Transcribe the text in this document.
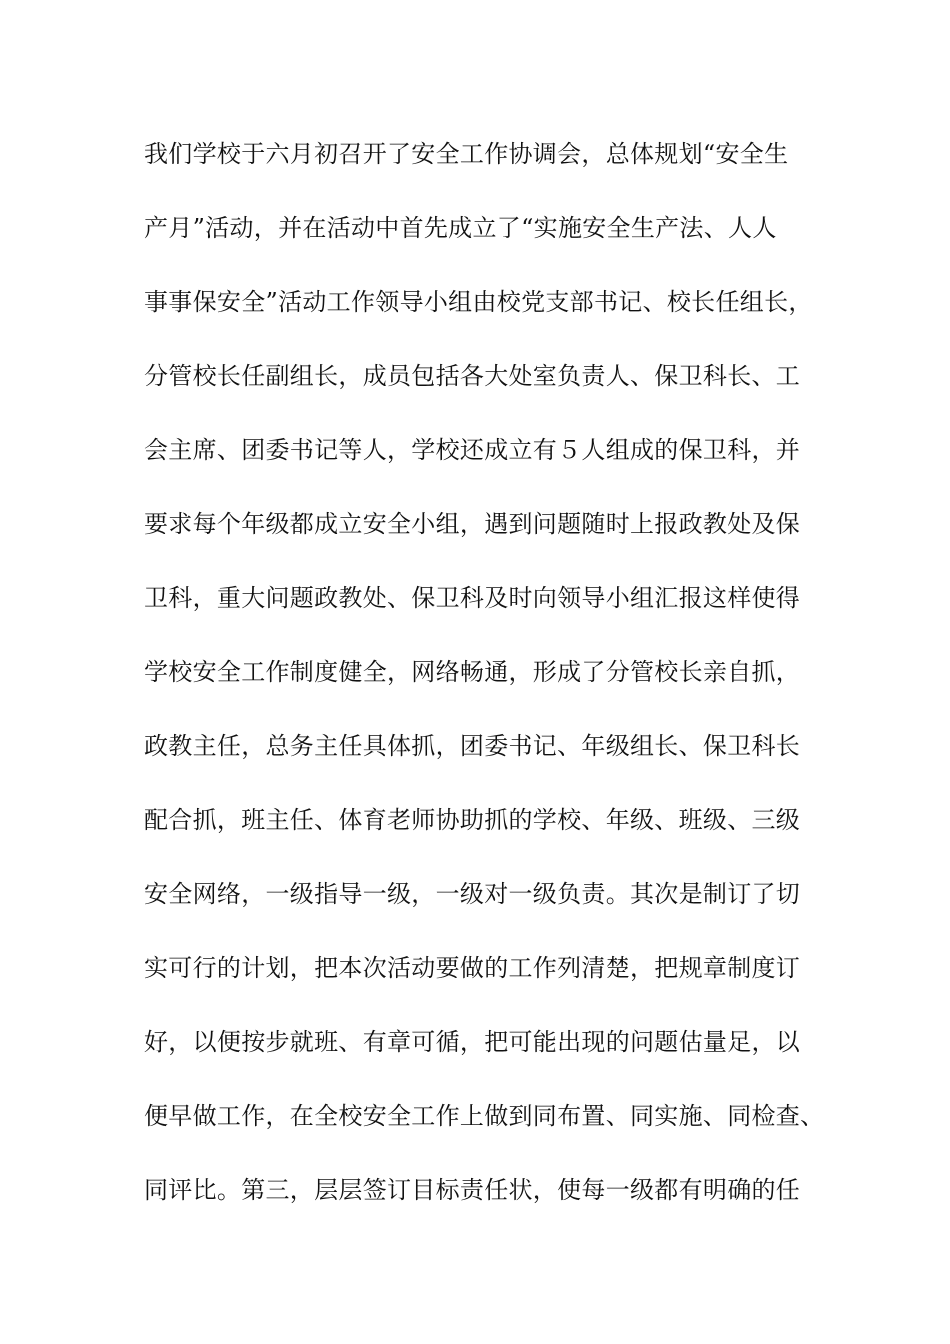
我们学校于六月初召开了安全工作协调会，总体规划“安全生
产月”活动，并在活动中首先成立了“实施安全生产法、人人
事事保安全”活动工作领导小组由校党支部书记、校长任组长，
分管校长任副组长，成员包括各大处室负责人、保卫科长、工
会主席、团委书记等人，学校还成立有５人组成的保卫科，并
要求每个年级都成立安全小组，遇到问题随时上报政教处及保
卫科，重大问题政教处、保卫科及时向领导小组汇报这样使得
学校安全工作制度健全，网络畅通，形成了分管校长亲自抓，
政教主任，总务主任具体抓，团委书记、年级组长、保卫科长
配合抓，班主任、体育老师协助抓的学校、年级、班级、三级
安全网络，一级指导一级，一级对一级负责。其次是制订了切
实可行的计划，把本次活动要做的工作列清楚，把规章制度订
好，以便按步就班、有章可循，把可能出现的问题估量足，以
便早做工作，在全校安全工作上做到同布置、同实施、同检查、
同评比。第三，层层签订目标责任状，使每一级都有明确的任
